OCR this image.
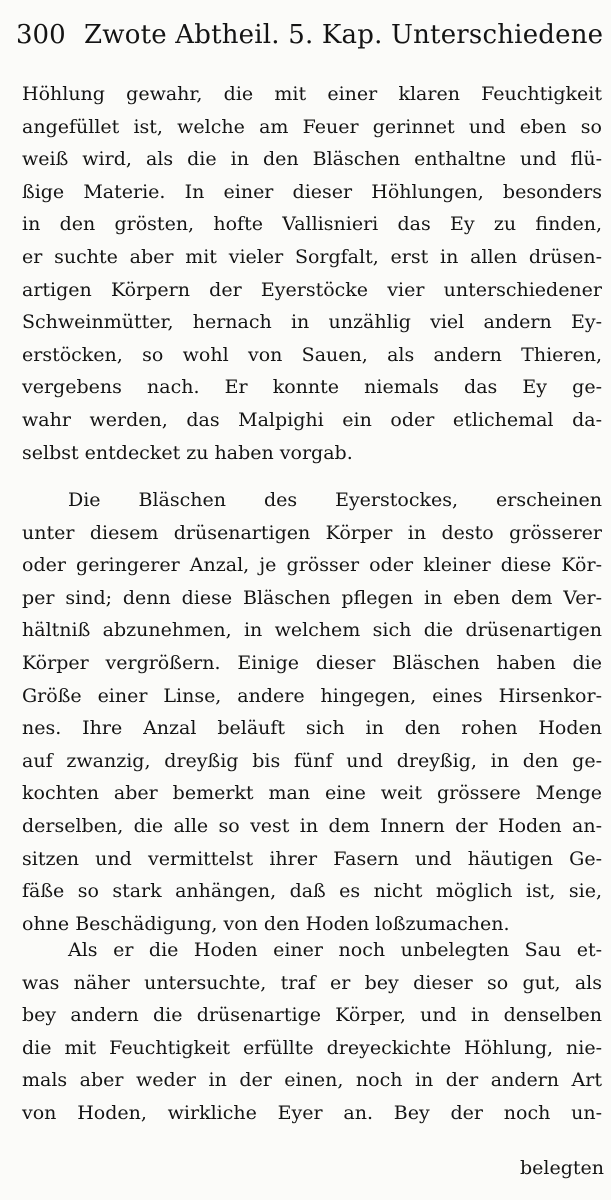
300 Zwote Abtheil. 5. Kap. Unterschiedene
Höhlung gewahr, die mit einer klaren Feuchtigkeit
angefüllet ist, welche am Feuer gerinnet und eben so
weiß wird, als die in den Bläschen enthaltne und flü-
ßige Materie. In einer dieser Höhlungen, besonders
in den grösten, hofte Vallisnieri das Ey zu finden,
er suchte aber mit vieler Sorgfalt, erst in allen drüsen-
artigen Körpern der Eyerstöcke vier unterschiedener
Schweinmütter, hernach in unzählig viel andern Ey-
erstöcken, so wohl von Sauen, als andern Thieren,
vergebens nach. Er konnte niemals das Ey ge-
wahr werden, das Malpighi ein oder etlichemal da-
selbst entdecket zu haben vorgab.
Die Bläschen des Eyerstockes, erscheinen
unter diesem drüsenartigen Körper in desto grösserer
oder geringerer Anzal, je grösser oder kleiner diese Kör-
per sind; denn diese Bläschen pflegen in eben dem Ver-
hältniß abzunehmen, in welchem sich die drüsenartigen
Körper vergrößern. Einige dieser Bläschen haben die
Größe einer Linse, andere hingegen, eines Hirsenkor-
nes. Ihre Anzal beläuft sich in den rohen Hoden
auf zwanzig, dreyßig bis fünf und dreyßig, in den ge-
kochten aber bemerkt man eine weit grössere Menge
derselben, die alle so vest in dem Innern der Hoden an-
sitzen und vermittelst ihrer Fasern und häutigen Ge-
fäße so stark anhängen, daß es nicht möglich ist, sie,
ohne Beschädigung, von den Hoden loßzumachen.
Als er die Hoden einer noch unbelegten Sau et-
was näher untersuchte, traf er bey dieser so gut, als
bey andern die drüsenartige Körper, und in denselben
die mit Feuchtigkeit erfüllte dreyeckichte Höhlung, nie-
mals aber weder in der einen, noch in der andern Art
von Hoden, wirkliche Eyer an. Bey der noch un-
belegten
